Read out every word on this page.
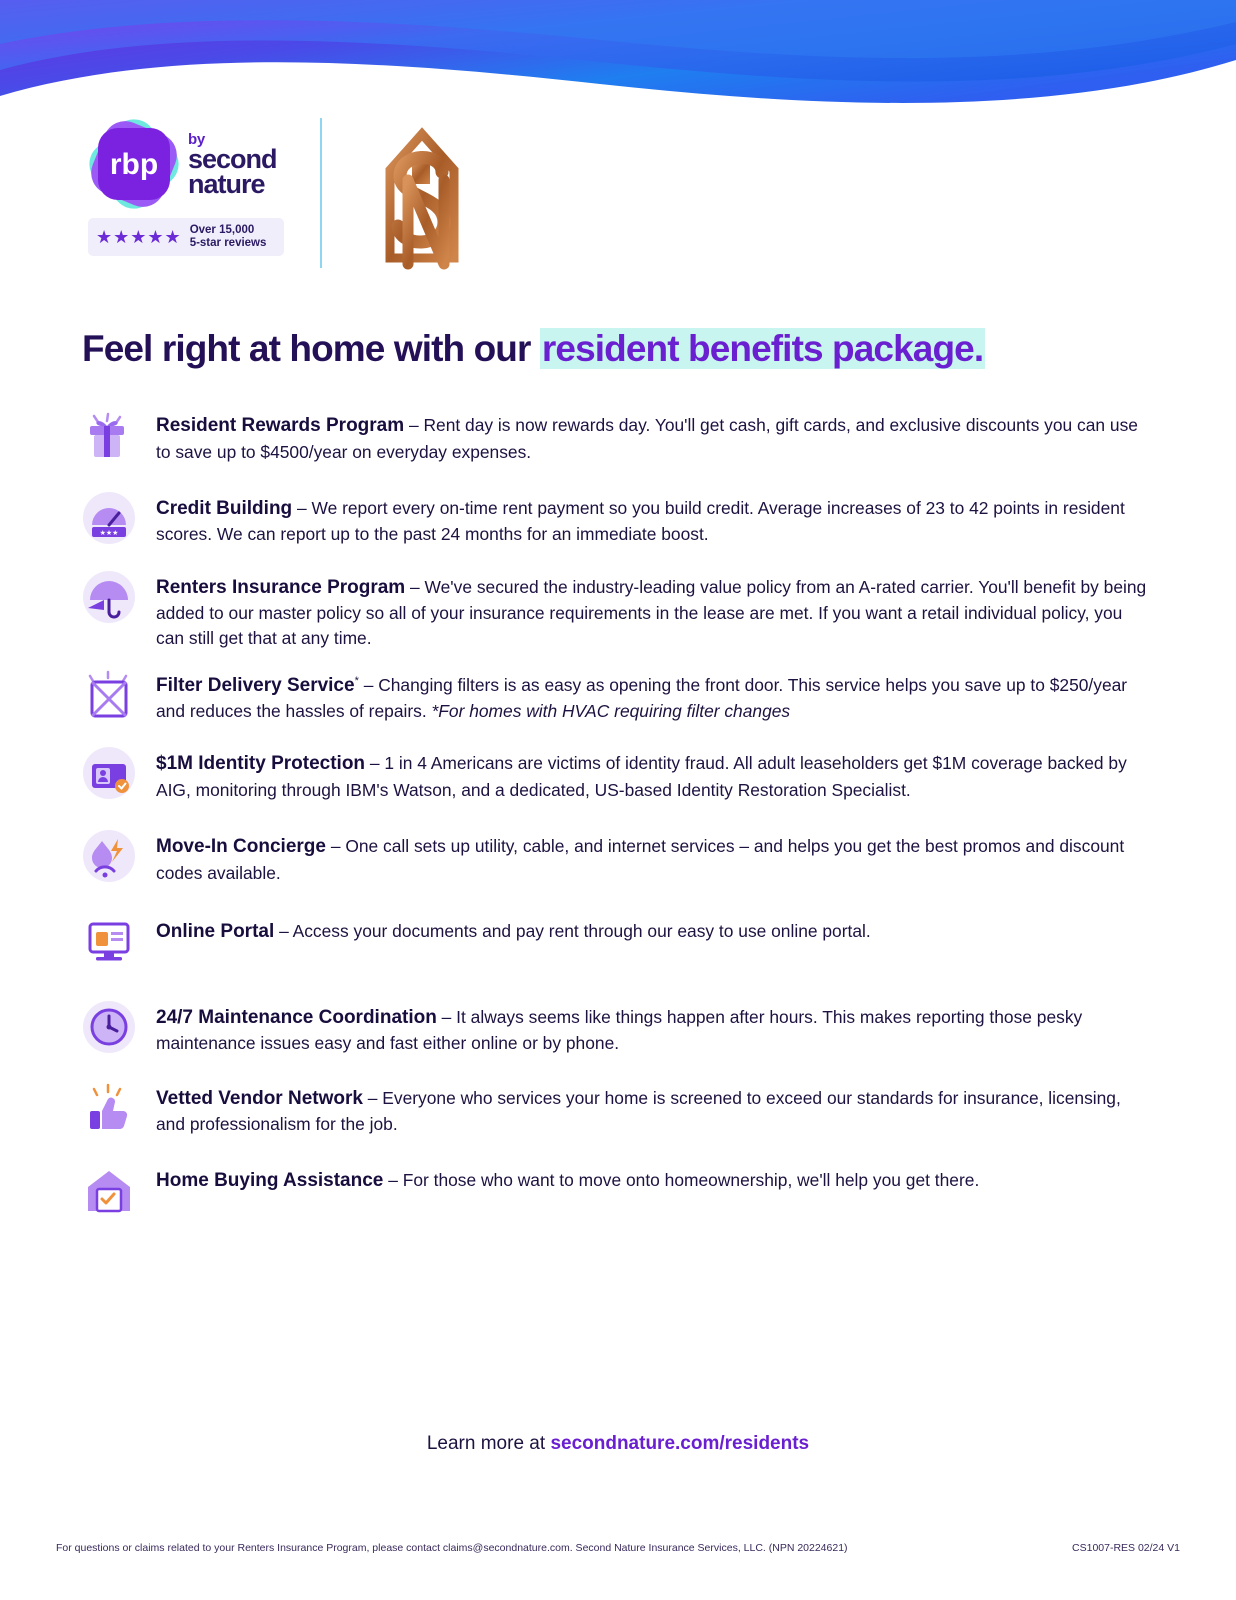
rbp
by
second
nature
★★★★★ Over 15,000
5-star reviews
Feel right at home with our resident benefits package.
Resident Rewards Program – Rent day is now rewards day. You'll get cash, gift cards, and exclusive discounts you can use to save up to $4500/year on everyday expenses.
★★★
Credit Building – We report every on-time rent payment so you build credit. Average increases of 23 to 42 points in resident scores. We can report up to the past 24 months for an immediate boost.
Renters Insurance Program – We've secured the industry-leading value policy from an A-rated carrier. You'll benefit by being added to our master policy so all of your insurance requirements in the lease are met. If you want a retail individual policy, you can still get that at any time.
Filter Delivery Service* – Changing filters is as easy as opening the front door. This service helps you save up to $250/year and reduces the hassles of repairs. *For homes with HVAC requiring filter changes
$1M Identity Protection – 1 in 4 Americans are victims of identity fraud. All adult leaseholders get $1M coverage backed by AIG, monitoring through IBM's Watson, and a dedicated, US-based Identity Restoration Specialist.
Move-In Concierge – One call sets up utility, cable, and internet services – and helps you get the best promos and discount codes available.
Online Portal – Access your documents and pay rent through our easy to use online portal.
24/7 Maintenance Coordination – It always seems like things happen after hours. This makes reporting those pesky maintenance issues easy and fast either online or by phone.
Vetted Vendor Network – Everyone who services your home is screened to exceed our standards for insurance, licensing, and professionalism for the job.
Home Buying Assistance – For those who want to move onto homeownership, we'll help you get there.
Learn more at secondnature.com/residents
For questions or claims related to your Renters Insurance Program, please contact claims@secondnature.com. Second Nature Insurance Services, LLC. (NPN 20224621)	CS1007-RES 02/24 V1
